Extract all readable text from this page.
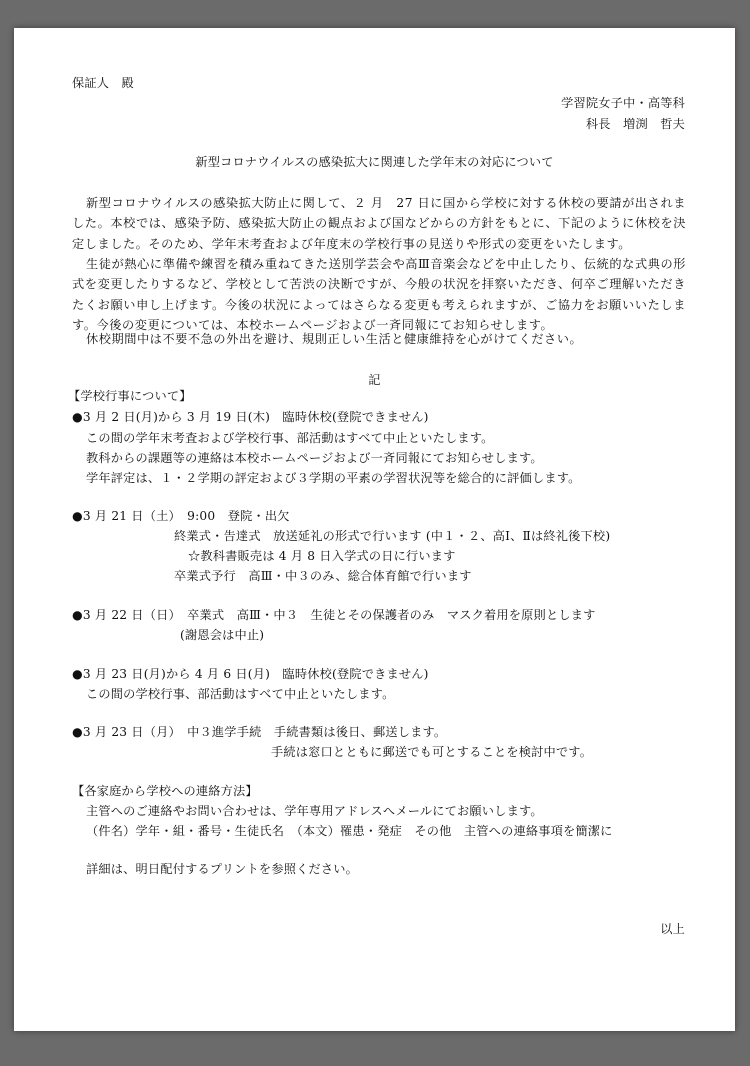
保証人　殿
学習院女子中・高等科
科長　増渕　哲夫
新型コロナウイルスの感染拡大に関連した学年末の対応について
新型コロナウイルスの感染拡大防止に関して、２ 月　27 日に国から学校に対する休校の要請が出されました。本校では、感染予防、感染拡大防止の観点および国などからの方針をもとに、下記のように休校を決定しました。そのため、学年末考査および年度末の学校行事の見送りや形式の変更をいたします。
生徒が熱心に準備や練習を積み重ねてきた送別学芸会や高Ⅲ音楽会などを中止したり、伝統的な式典の形式を変更したりするなど、学校として苦渋の決断ですが、今般の状況を拝察いただき、何卒ご理解いただきたくお願い申し上げます。今後の状況によってはさらなる変更も考えられますが、ご協力をお願いいたします。今後の変更については、本校ホームページおよび一斉同報にてお知らせします。
休校期間中は不要不急の外出を避け、規則正しい生活と健康維持を心がけてください。
記
【学校行事について】
●3 月 2 日(月)から 3 月 19 日(木)　臨時休校(登院できません)
この間の学年末考査および学校行事、部活動はすべて中止といたします。
教科からの課題等の連絡は本校ホームページおよび一斉同報にてお知らせします。
学年評定は、１・２学期の評定および３学期の平素の学習状況等を総合的に評価します。
●3 月 21 日（土）　9:00　登院・出欠
終業式・告達式　放送延礼の形式で行います (中１・２、高Ⅰ、Ⅱは終礼後下校)
☆教科書販売は 4 月 8 日入学式の日に行います
卒業式予行　高Ⅲ・中３のみ、総合体育館で行います
●3 月 22 日（日）　卒業式　高Ⅲ・中３　生徒とその保護者のみ　マスク着用を原則とします
(謝恩会は中止)
●3 月 23 日(月)から 4 月 6 日(月)　臨時休校(登院できません)
この間の学校行事、部活動はすべて中止といたします。
●3 月 23 日（月）　中３進学手続　手続書類は後日、郵送します。
手続は窓口とともに郵送でも可とすることを検討中です。
【各家庭から学校への連絡方法】
主管へのご連絡やお問い合わせは、学年専用アドレスへメールにてお願いします。
（件名）学年・組・番号・生徒氏名　（本文）罹患・発症　その他　主管への連絡事項を簡潔に
詳細は、明日配付するプリントを参照ください。
以上
